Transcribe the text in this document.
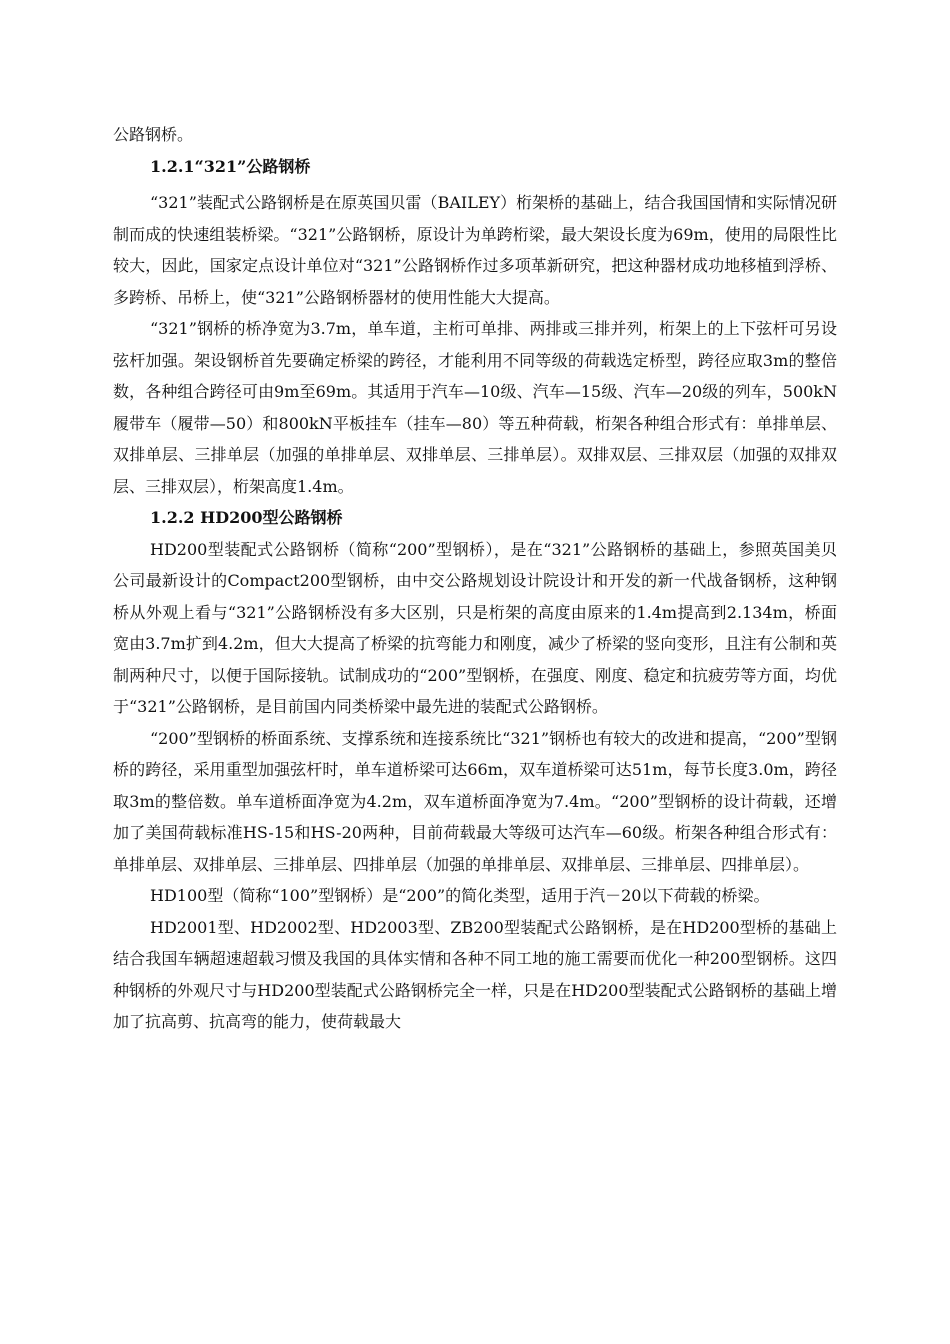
公路钢桥。

1.2.1“321”公路钢桥

“321”装配式公路钢桥是在原英国贝雷（BAILEY）桁架桥的基础上，结合我国国情和实际情况研制而成的快速组装桥梁。“321”公路钢桥，原设计为单跨桁梁，最大架设长度为69m，使用的局限性比较大，因此，国家定点设计单位对“321”公路钢桥作过多项革新研究，把这种器材成功地移植到浮桥、多跨桥、吊桥上，使“321”公路钢桥器材的使用性能大大提高。

“321”钢桥的桥净宽为3.7m，单车道，主桁可单排、两排或三排并列，桁架上的上下弦杆可另设弦杆加强。架设钢桥首先要确定桥梁的跨径，才能利用不同等级的荷载选定桥型，跨径应取3m的整倍数，各种组合跨径可由9m至69m。其适用于汽车—10级、汽车—15级、汽车—20级的列车，500kN履带车（履带—50）和800kN平板挂车（挂车—80）等五种荷载，桁架各种组合形式有：单排单层、双排单层、三排单层（加强的单排单层、双排单层、三排单层）。双排双层、三排双层（加强的双排双层、三排双层），桁架高度1.4m。

1.2.2 HD200型公路钢桥

HD200型装配式公路钢桥（简称“200”型钢桥），是在“321”公路钢桥的基础上，参照英国美贝公司最新设计的Compact200型钢桥，由中交公路规划设计院设计和开发的新一代战备钢桥，这种钢桥从外观上看与“321”公路钢桥没有多大区别，只是桁架的高度由原来的1.4m提高到2.134m，桥面宽由3.7m扩到4.2m，但大大提高了桥梁的抗弯能力和刚度，减少了桥梁的竖向变形，且注有公制和英制两种尺寸，以便于国际接轨。试制成功的“200”型钢桥，在强度、刚度、稳定和抗疲劳等方面，均优于“321”公路钢桥，是目前国内同类桥梁中最先进的装配式公路钢桥。

“200”型钢桥的桥面系统、支撑系统和连接系统比“321”钢桥也有较大的改进和提高，“200”型钢桥的跨径，采用重型加强弦杆时，单车道桥梁可达66m，双车道桥梁可达51m，每节长度3.0m，跨径取3m的整倍数。单车道桥面净宽为4.2m，双车道桥面净宽为7.4m。“200”型钢桥的设计荷载，还增加了美国荷载标准HS-15和HS-20两种，目前荷载最大等级可达汽车—60级。桁架各种组合形式有：单排单层、双排单层、三排单层、四排单层（加强的单排单层、双排单层、三排单层、四排单层）。

HD100型（简称“100”型钢桥）是“200”的简化类型，适用于汽－20以下荷载的桥梁。

HD2001型、HD2002型、HD2003型、ZB200型装配式公路钢桥，是在HD200型桥的基础上结合我国车辆超速超载习惯及我国的具体实情和各种不同工地的施工需要而优化一种200型钢桥。这四种钢桥的外观尺寸与HD200型装配式公路钢桥完全一样，只是在HD200型装配式公路钢桥的基础上增加了抗高剪、抗高弯的能力，使荷载最大
